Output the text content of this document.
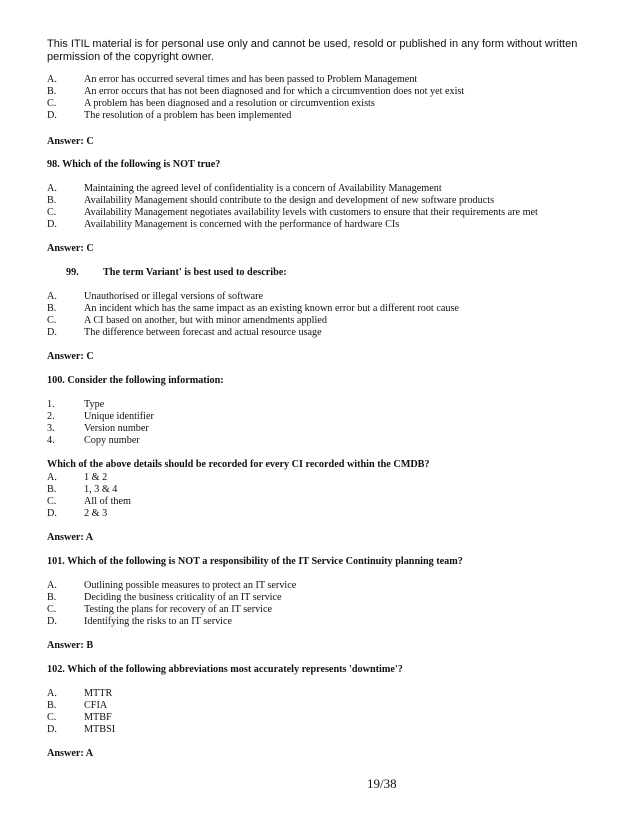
This ITIL material is for personal use only and cannot be used, resold or published in any form without written permission of the copyright owner.
A.	An error has occurred several times and has been passed to Problem Management
B.	An error occurs that has not been diagnosed and for which a circumvention does not yet exist
C.	A problem has been diagnosed and a resolution or circumvention exists
D.	The resolution of a problem has been implemented
Answer: C
98. Which of the following is NOT true?
A.	Maintaining the agreed level of confidentiality is a concern of Availability Management
B.	Availability Management should contribute to the design and development of new software products
C.	Availability Management negotiates availability levels with customers to ensure that their requirements are met
D.	Availability Management is concerned with the performance of hardware CIs
Answer: C
99. The term Variant' is best used to describe:
A.	Unauthorised or illegal versions of software
B.	An incident which has the same impact as an existing known error but a different root cause
C.	A CI based on another, but with minor amendments applied
D.	The difference between forecast and actual resource usage
Answer: C
100. Consider the following information:
1.	Type
2.	Unique identifier
3.	Version number
4.	Copy number
Which of the above details should be recorded for every CI recorded within the CMDB?
A.	1 & 2
B.	1, 3 & 4
C.	All of them
D.	2 & 3
Answer: A
101. Which of the following is NOT a responsibility of the IT Service Continuity planning team?
A.	Outlining possible measures to protect an IT service
B.	Deciding the business criticality of an IT service
C.	Testing the plans for recovery of an IT service
D.	Identifying the risks to an IT service
Answer: B
102. Which of the following abbreviations most accurately represents 'downtime'?
A.	MTTR
B.	CFIA
C.	MTBF
D.	MTBSI
Answer: A
19/38
